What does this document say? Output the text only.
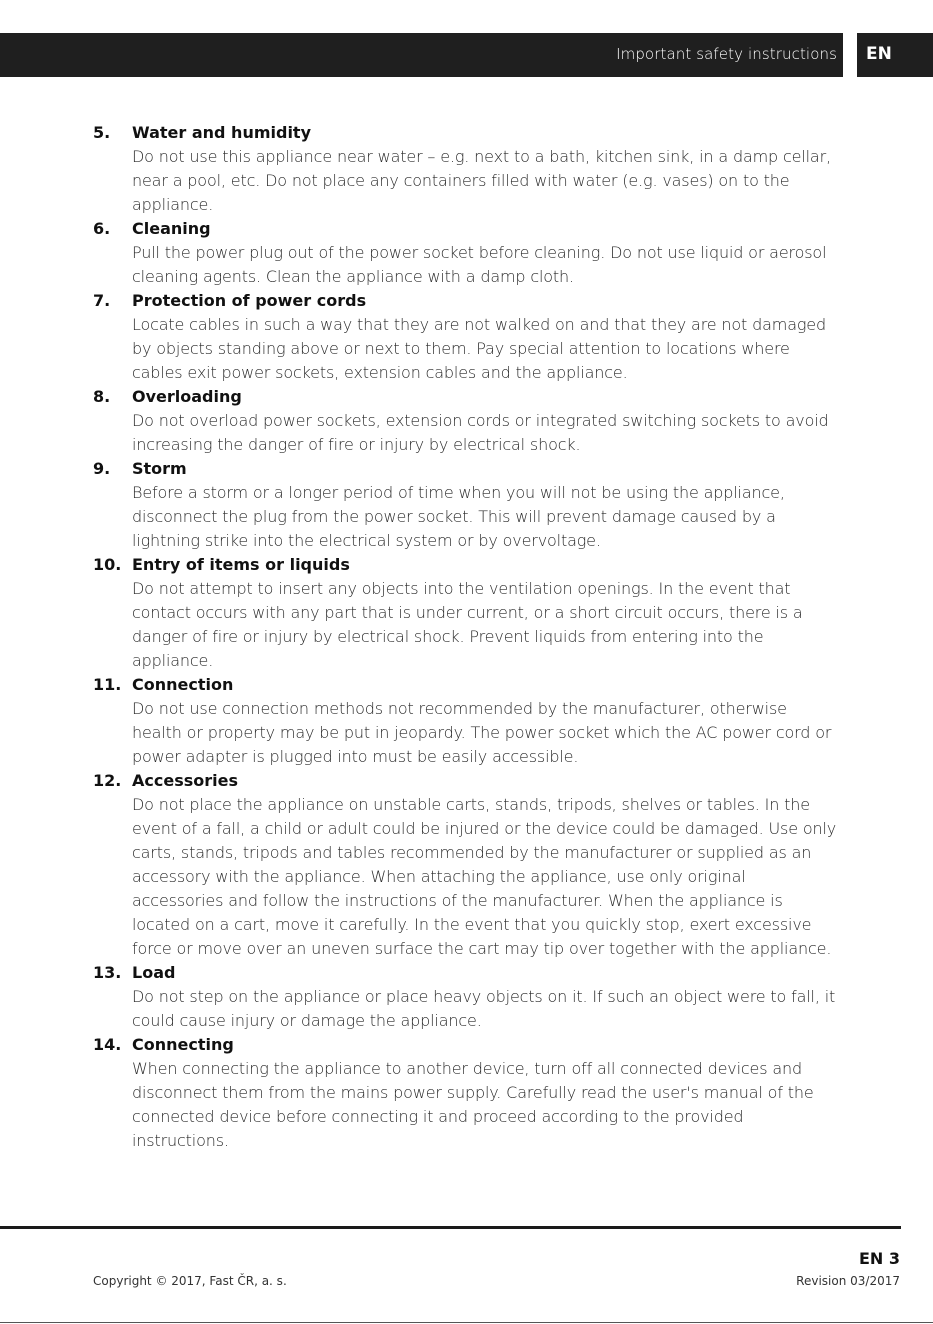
Important safety instructions EN
5. Water and humidity
Do not use this appliance near water – e.g. next to a bath, kitchen sink, in a damp cellar, near a pool, etc. Do not place any containers filled with water (e.g. vases) on to the appliance.
6. Cleaning
Pull the power plug out of the power socket before cleaning. Do not use liquid or aerosol cleaning agents. Clean the appliance with a damp cloth.
7. Protection of power cords
Locate cables in such a way that they are not walked on and that they are not damaged by objects standing above or next to them. Pay special attention to locations where cables exit power sockets, extension cables and the appliance.
8. Overloading
Do not overload power sockets, extension cords or integrated switching sockets to avoid increasing the danger of fire or injury by electrical shock.
9. Storm
Before a storm or a longer period of time when you will not be using the appliance, disconnect the plug from the power socket. This will prevent damage caused by a lightning strike into the electrical system or by overvoltage.
10. Entry of items or liquids
Do not attempt to insert any objects into the ventilation openings. In the event that contact occurs with any part that is under current, or a short circuit occurs, there is a danger of fire or injury by electrical shock. Prevent liquids from entering into the appliance.
11. Connection
Do not use connection methods not recommended by the manufacturer, otherwise health or property may be put in jeopardy. The power socket which the AC power cord or power adapter is plugged into must be easily accessible.
12. Accessories
Do not place the appliance on unstable carts, stands, tripods, shelves or tables. In the event of a fall, a child or adult could be injured or the device could be damaged. Use only carts, stands, tripods and tables recommended by the manufacturer or supplied as an accessory with the appliance. When attaching the appliance, use only original accessories and follow the instructions of the manufacturer. When the appliance is located on a cart, move it carefully. In the event that you quickly stop, exert excessive force or move over an uneven surface the cart may tip over together with the appliance.
13. Load
Do not step on the appliance or place heavy objects on it. If such an object were to fall, it could cause injury or damage the appliance.
14. Connecting
When connecting the appliance to another device, turn off all connected devices and disconnect them from the mains power supply. Carefully read the user's manual of the connected device before connecting it and proceed according to the provided instructions.
EN 3
Copyright © 2017, Fast ČR, a. s.	Revision 03/2017
